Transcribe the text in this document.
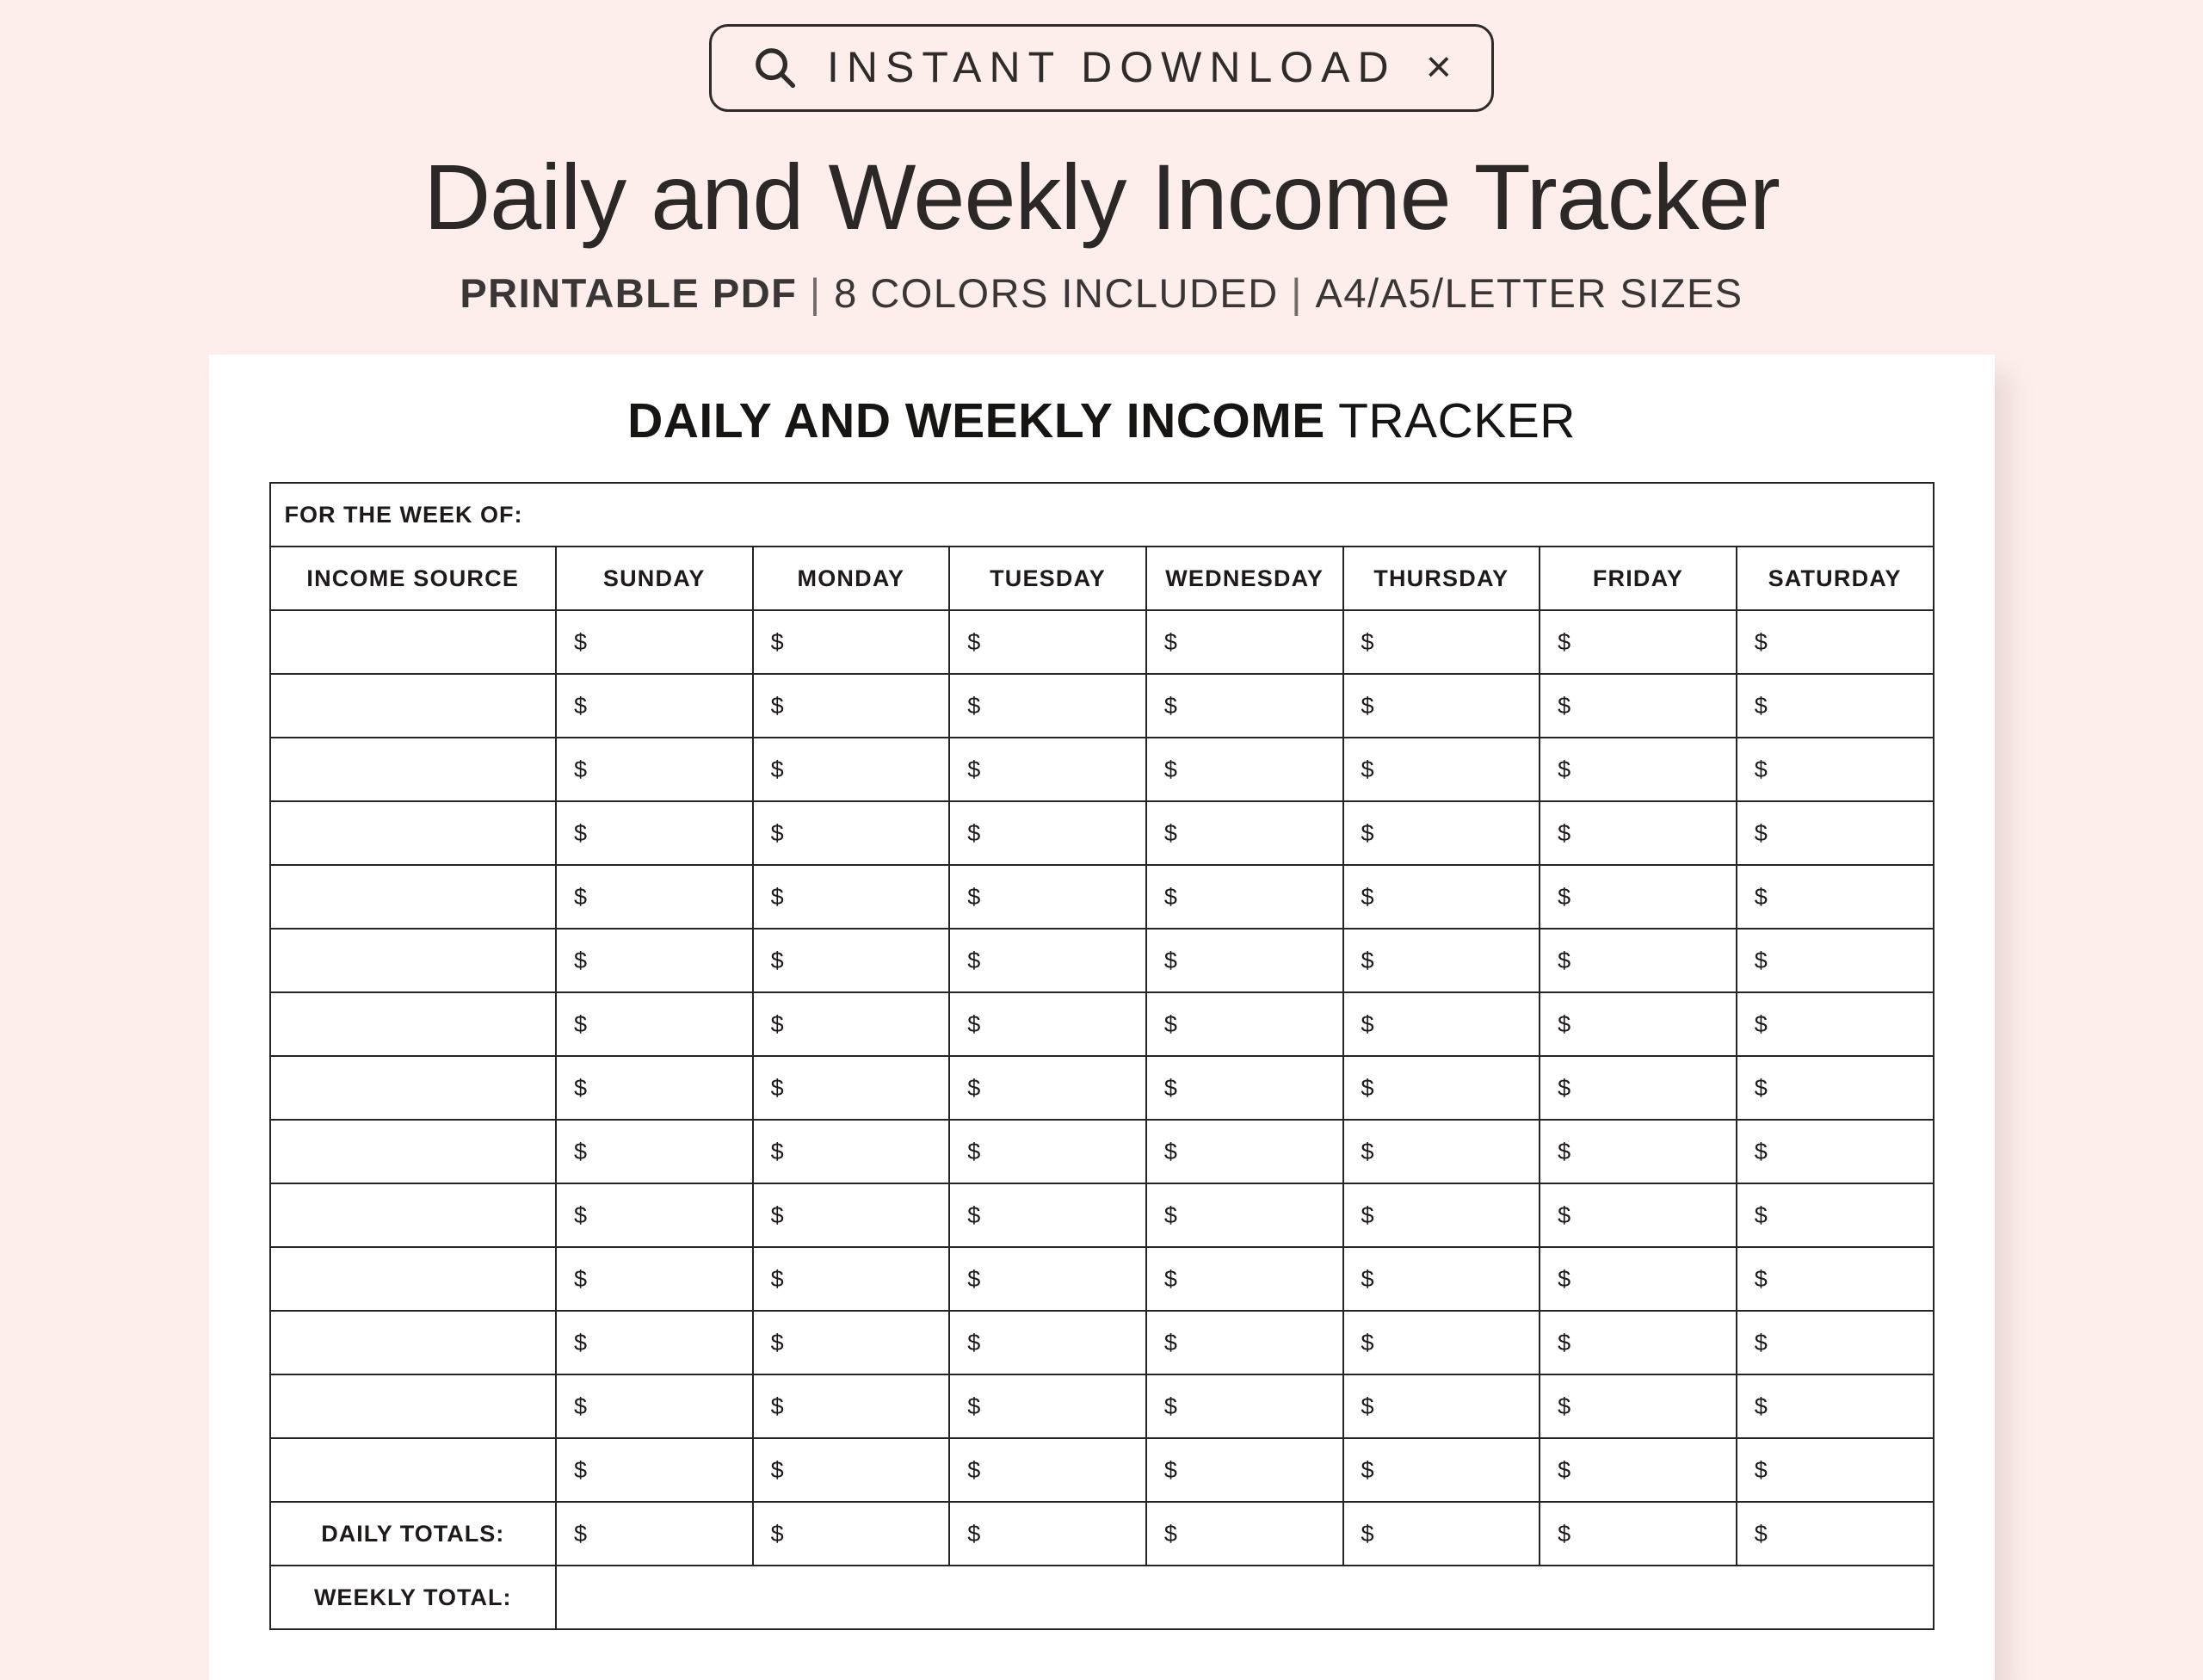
INSTANT DOWNLOAD ×
Daily and Weekly Income Tracker
PRINTABLE PDF | 8 COLORS INCLUDED | A4/A5/LETTER SIZES
DAILY AND WEEKLY INCOME TRACKER
FOR THE WEEK OF:							
INCOME SOURCE	SUNDAY	MONDAY	TUESDAY	WEDNESDAY	THURSDAY	FRIDAY	SATURDAY
	$	$	$	$	$	$	$
	$	$	$	$	$	$	$
	$	$	$	$	$	$	$
	$	$	$	$	$	$	$
	$	$	$	$	$	$	$
	$	$	$	$	$	$	$
	$	$	$	$	$	$	$
	$	$	$	$	$	$	$
	$	$	$	$	$	$	$
	$	$	$	$	$	$	$
	$	$	$	$	$	$	$
	$	$	$	$	$	$	$
	$	$	$	$	$	$	$
	$	$	$	$	$	$	$
DAILY TOTALS:	$	$	$	$	$	$	$
WEEKLY TOTAL:							
